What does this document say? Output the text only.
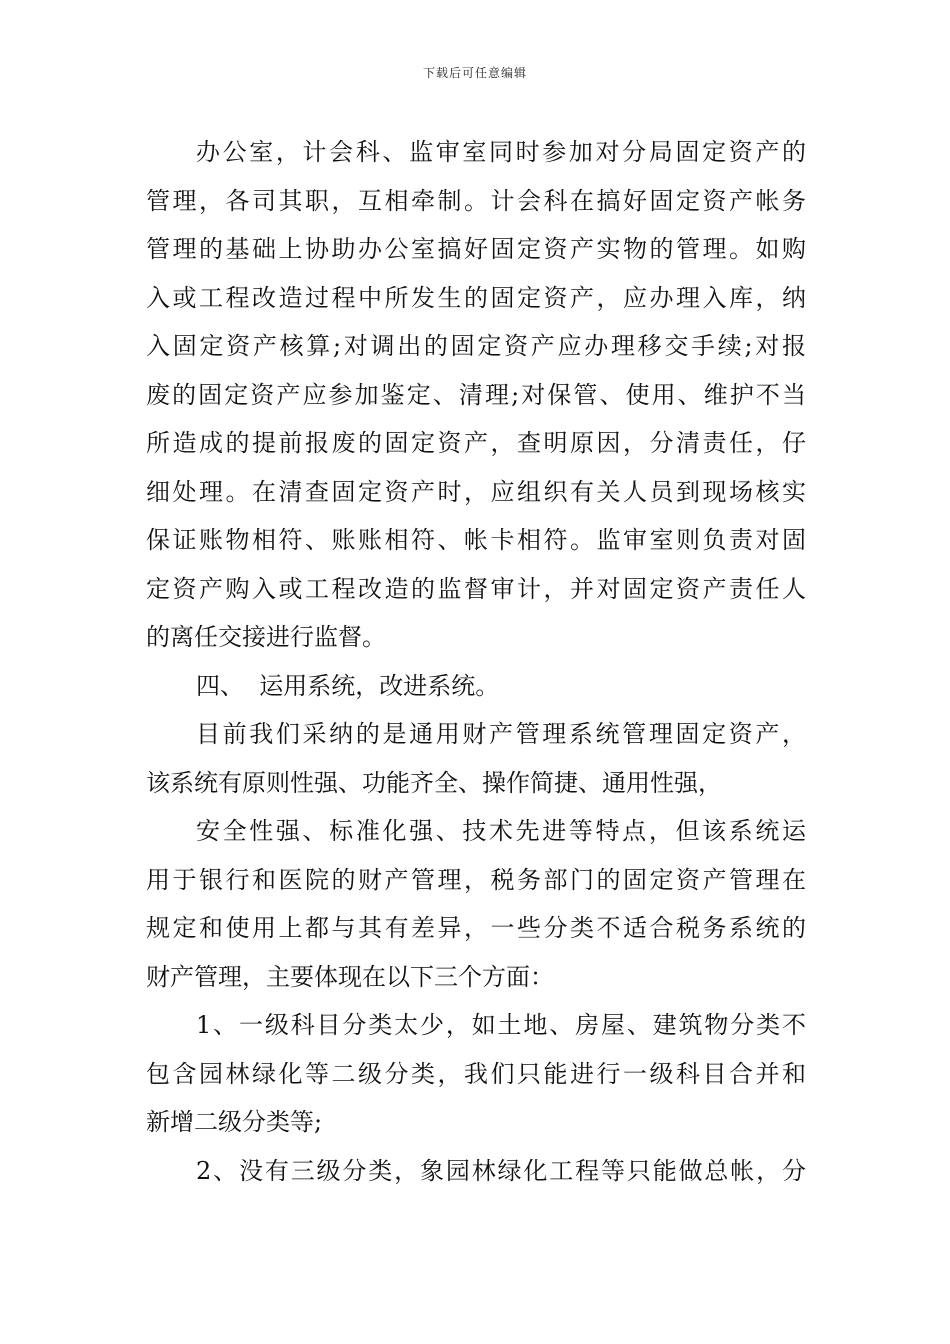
下载后可任意编辑

办公室，计会科、监审室同时参加对分局固定资产的
管理，各司其职，互相牵制。计会科在搞好固定资产帐务
管理的基础上协助办公室搞好固定资产实物的管理。如购
入或工程改造过程中所发生的固定资产，应办理入库，纳
入固定资产核算;对调出的固定资产应办理移交手续;对报
废的固定资产应参加鉴定、清理;对保管、使用、维护不当
所造成的提前报废的固定资产，查明原因，分清责任，仔
细处理。在清查固定资产时，应组织有关人员到现场核实
保证账物相符、账账相符、帐卡相符。监审室则负责对固
定资产购入或工程改造的监督审计，并对固定资产责任人
的离任交接进行监督。

四、  运用系统，改进系统。

目前我们采纳的是通用财产管理系统管理固定资产，
该系统有原则性强、功能齐全、操作简捷、通用性强，

安全性强、标准化强、技术先进等特点，但该系统运
用于银行和医院的财产管理，税务部门的固定资产管理在
规定和使用上都与其有差异，一些分类不适合税务系统的
财产管理，主要体现在以下三个方面：

1、一级科目分类太少，如土地、房屋、建筑物分类不
包含园林绿化等二级分类，我们只能进行一级科目合并和
新增二级分类等;

2、没有三级分类，象园林绿化工程等只能做总帐，分
